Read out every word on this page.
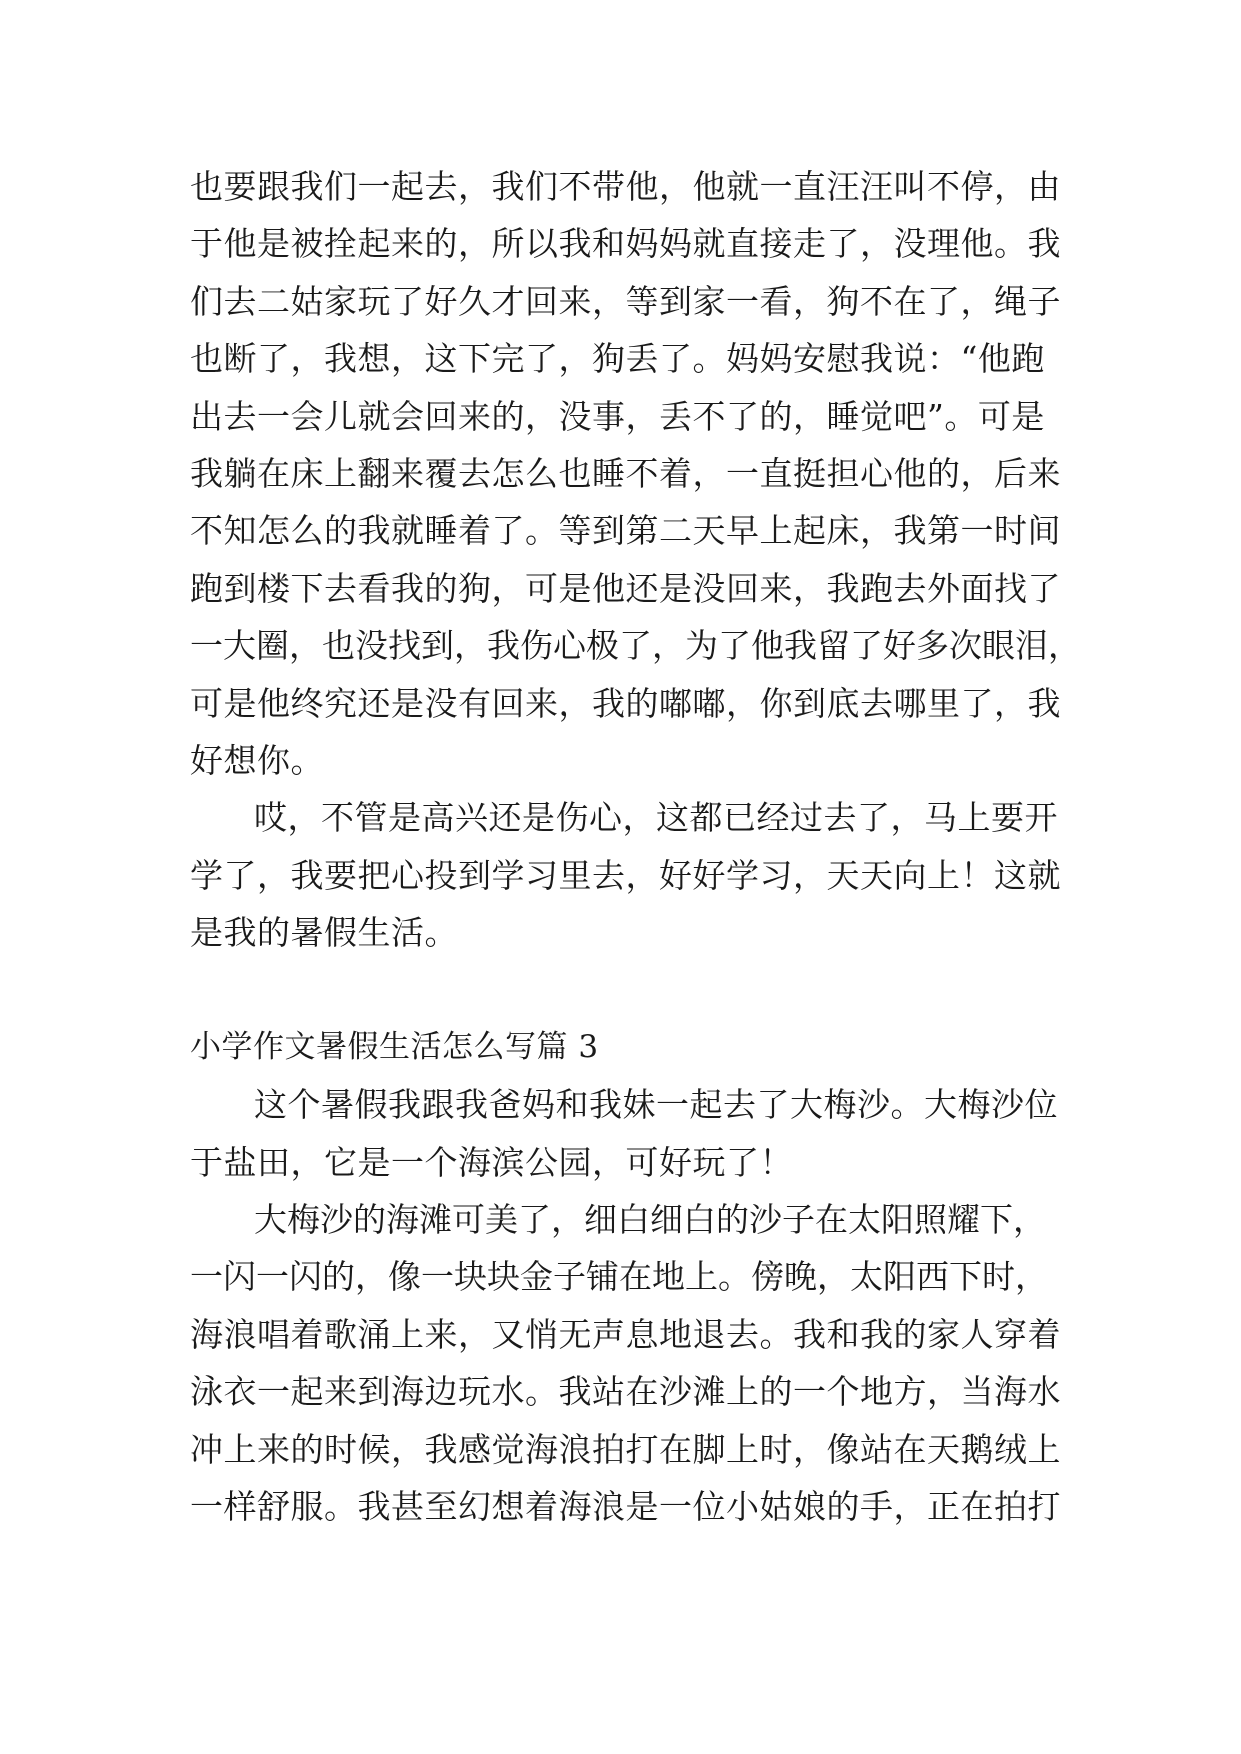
也要跟我们一起去，我们不带他，他就一直汪汪叫不停，由
于他是被拴起来的，所以我和妈妈就直接走了，没理他。我
们去二姑家玩了好久才回来，等到家一看，狗不在了，绳子
也断了，我想，这下完了，狗丢了。妈妈安慰我说：“他跑
出去一会儿就会回来的，没事，丢不了的，睡觉吧”。可是
我躺在床上翻来覆去怎么也睡不着，一直挺担心他的，后来
不知怎么的我就睡着了。等到第二天早上起床，我第一时间
跑到楼下去看我的狗，可是他还是没回来，我跑去外面找了
一大圈，也没找到，我伤心极了，为了他我留了好多次眼泪，
可是他终究还是没有回来，我的嘟嘟，你到底去哪里了，我
好想你。
哎，不管是高兴还是伤心，这都已经过去了，马上要开
学了，我要把心投到学习里去，好好学习，天天向上！这就
是我的暑假生活。
小学作文暑假生活怎么写篇 3
这个暑假我跟我爸妈和我妹一起去了大梅沙。大梅沙位
于盐田，它是一个海滨公园，可好玩了！
大梅沙的海滩可美了，细白细白的沙子在太阳照耀下，
一闪一闪的，像一块块金子铺在地上。傍晚，太阳西下时，
海浪唱着歌涌上来，又悄无声息地退去。我和我的家人穿着
泳衣一起来到海边玩水。我站在沙滩上的一个地方，当海水
冲上来的时候，我感觉海浪拍打在脚上时，像站在天鹅绒上
一样舒服。我甚至幻想着海浪是一位小姑娘的手，正在拍打
